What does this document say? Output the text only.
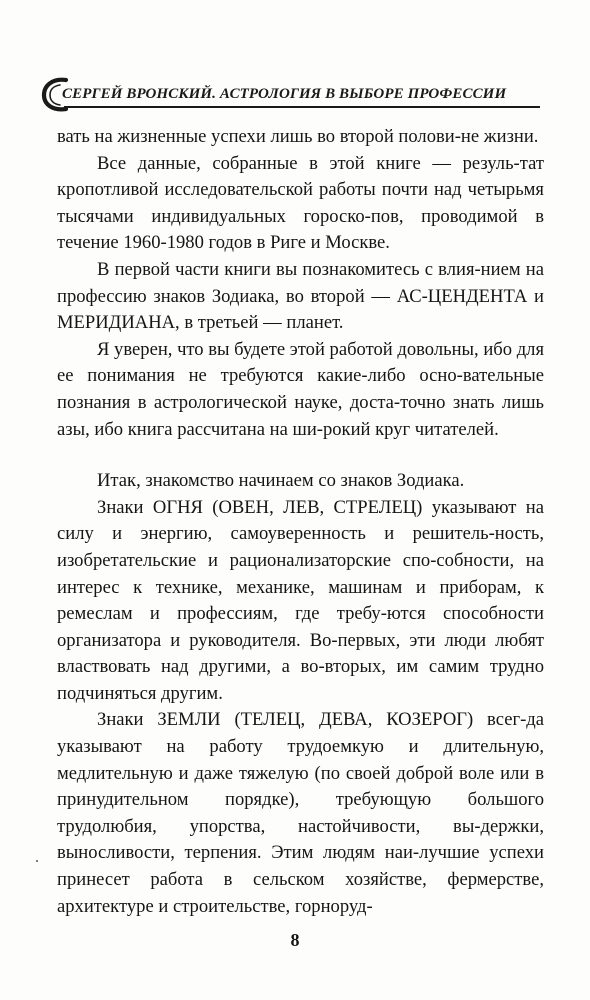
СЕРГЕЙ ВРОНСКИЙ. АСТРОЛОГИЯ В ВЫБОРЕ ПРОФЕССИИ

вать на жизненные успехи лишь во второй полови-не жизни.

Все данные, собранные в этой книге — резуль-тат кропотливой исследовательской работы почти над четырьмя тысячами индивидуальных гороско-пов, проводимой в течение 1960-1980 годов в Риге и Москве.

В первой части книги вы познакомитесь с влия-нием на профессию знаков Зодиака, во второй — АС-ЦЕНДЕНТА и МЕРИДИАНА, в третьей — планет.

Я уверен, что вы будете этой работой довольны, ибо для ее понимания не требуются какие-либо осно-вательные познания в астрологической науке, доста-точно знать лишь азы, ибо книга рассчитана на ши-рокий круг читателей.

Итак, знакомство начинаем со знаков Зодиака.

Знаки ОГНЯ (ОВЕН, ЛЕВ, СТРЕЛЕЦ) указывают на силу и энергию, самоуверенность и решитель-ность, изобретательские и рационализаторские спо-собности, на интерес к технике, механике, машинам и приборам, к ремеслам и профессиям, где требу-ются способности организатора и руководителя. Во-первых, эти люди любят властвовать над другими, а во-вторых, им самим трудно подчиняться другим.

Знаки ЗЕМЛИ (ТЕЛЕЦ, ДЕВА, КОЗЕРОГ) всег-да указывают на работу трудоемкую и длительную, медлительную и даже тяжелую (по своей доброй воле или в принудительном порядке), требующую большого трудолюбия, упорства, настойчивости, вы-держки, выносливости, терпения. Этим людям наи-лучшие успехи принесет работа в сельском хозяйстве, фермерстве, архитектуре и строительстве, горноруд-

8
